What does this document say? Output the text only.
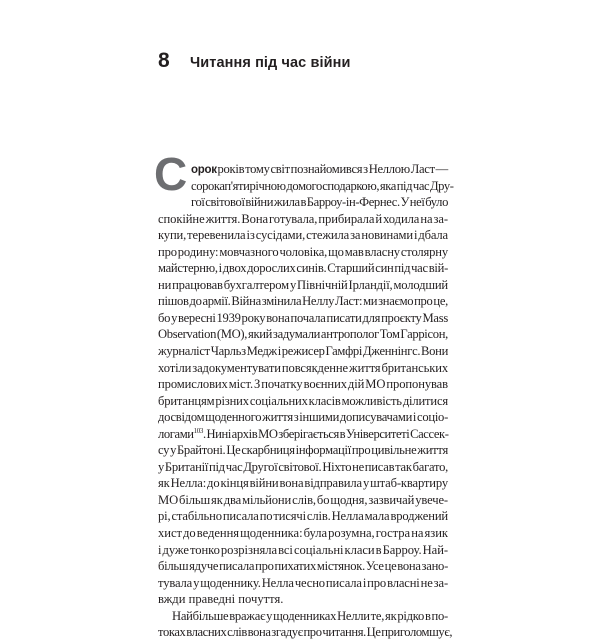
8	Читання під час війни
С орок років тому світ познайомився з Неллою Ласт —
сорокап'ятирічною домогосподаркою, яка під час Дру-
гої світової війни жила в Барроу-ін-Фернес. У неї було
спокійне життя. Вона готувала, прибирала й ходила на за-
купи, теревенила із сусідами, стежила за новинами і дбала
про родину: мовчазного чоловіка, що мав власну столярну
майстерню, і двох дорослих синів. Старший син під час вій-
ни працював бухгалтером у Північній Ірландії, молодший
пішов до армії. Війна змінила Неллу Ласт: ми знаємо про це,
бо у вересні 1939 року вона почала писати для проєкту Mass
Observation (МО), який задумали антрополог Том Гаррісон,
журналіст Чарльз Медж і режисер Гамфрі Дженнінгс. Вони
хотіли задокументувати повсякденне життя британських
промислових міст. З початку воєнних дій МО пропонував
британцям різних соціальних класів можливість ділитися
досвідом щоденного життя з іншими дописувачами і соціо-
логами$^{103}$. Нині архів МО зберігається в Університеті Сассек-
су у Брайтоні. Це скарбниця інформації про цивільне життя
у Британії під час Другої світової. Ніхто не писав так багато,
як Нелла: до кінця війни вона відправила у штаб-квартиру
МО більш як два мільйони слів, бо щодня, зазвичай увече-
рі, стабільно писала по тисячі слів. Нелла мала вроджений
хист до ведення щоденника: була розумна, гостра на язик
і дуже тонко розрізняла всі соціальні класи в Барроу. Най-
більш ядуче писала про пихатих містянок. Усе це вона зано-
тувала у щоденнику. Нелла чесно писала і про власні не за-
вжди праведні почуття.
Найбільше вражає у щоденниках Нелли те, як рідко в по-
токах власних слів вона згадує про читання. Це приголомшує,
